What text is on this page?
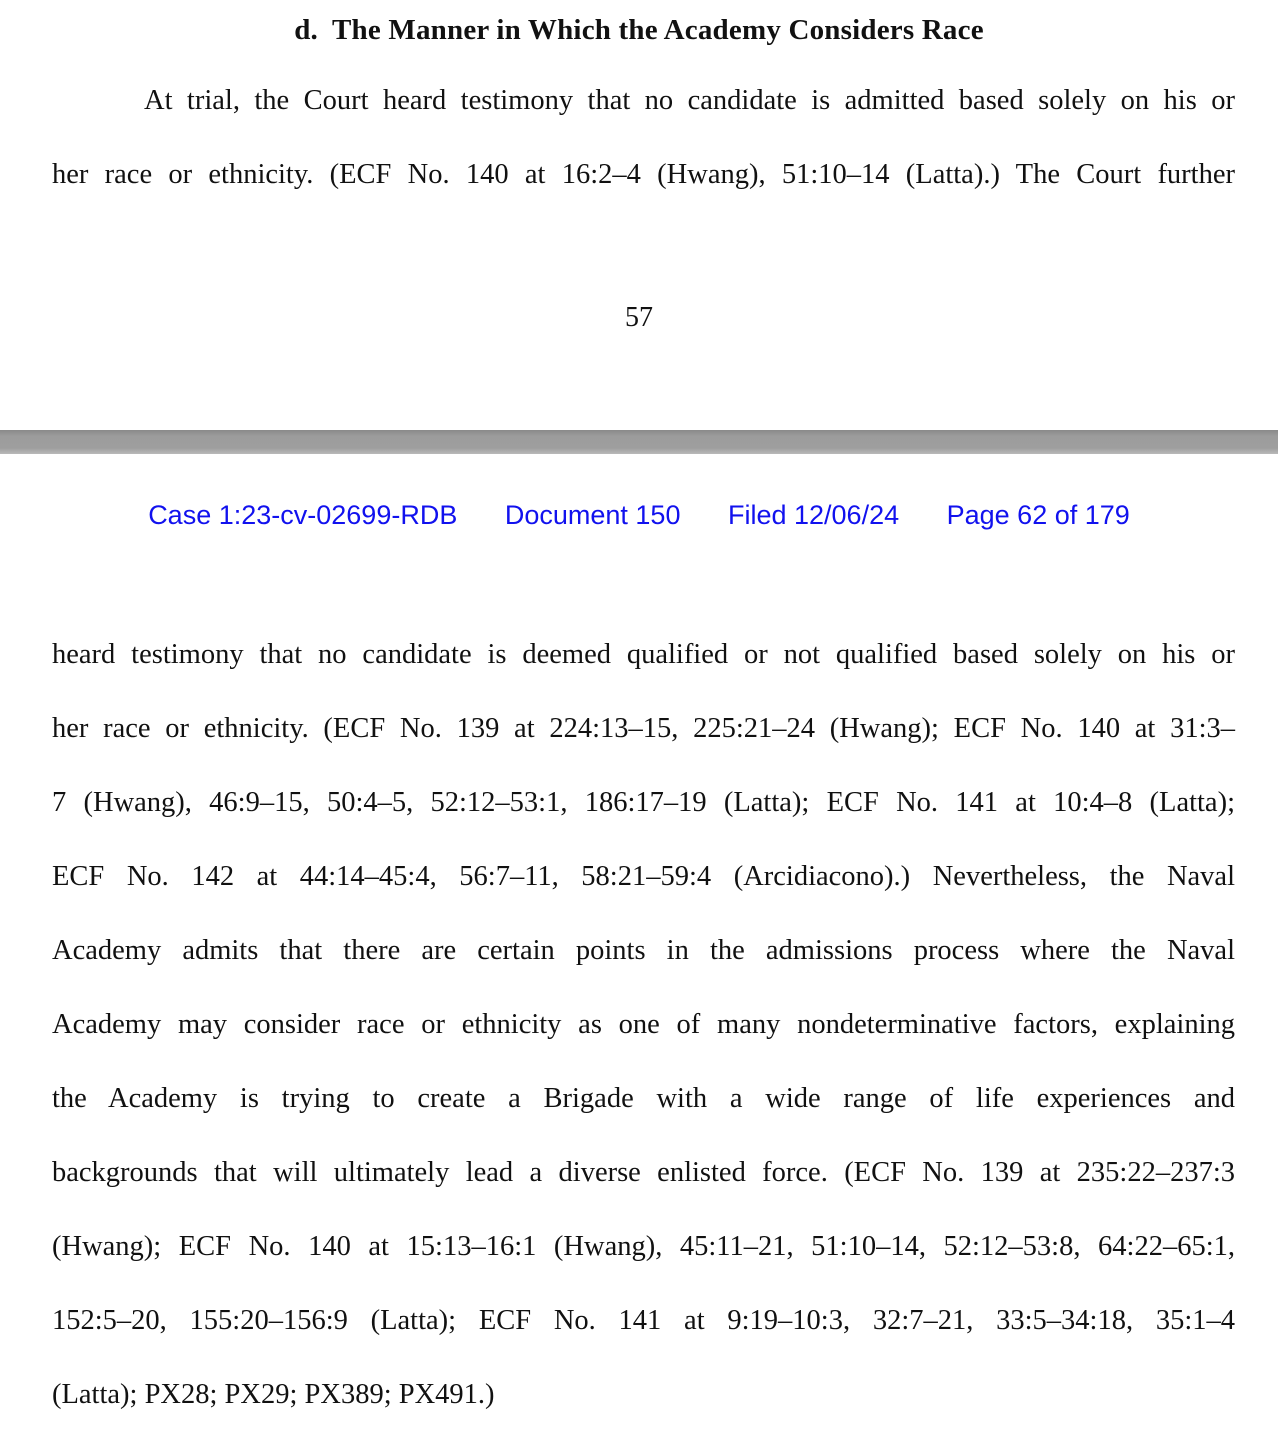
d. The Manner in Which the Academy Considers Race
At trial, the Court heard testimony that no candidate is admitted based solely on his or
her race or ethnicity. (ECF No. 140 at 16:2–4 (Hwang), 51:10–14 (Latta).) The Court further
57
Case 1:23-cv-02699-RDB Document 150 Filed 12/06/24 Page 62 of 179
heard testimony that no candidate is deemed qualified or not qualified based solely on his or
her race or ethnicity. (ECF No. 139 at 224:13–15, 225:21–24 (Hwang); ECF No. 140 at 31:3–
7 (Hwang), 46:9–15, 50:4–5, 52:12–53:1, 186:17–19 (Latta); ECF No. 141 at 10:4–8 (Latta);
ECF No. 142 at 44:14–45:4, 56:7–11, 58:21–59:4 (Arcidiacono).) Nevertheless, the Naval
Academy admits that there are certain points in the admissions process where the Naval
Academy may consider race or ethnicity as one of many nondeterminative factors, explaining
the Academy is trying to create a Brigade with a wide range of life experiences and
backgrounds that will ultimately lead a diverse enlisted force. (ECF No. 139 at 235:22–237:3
(Hwang); ECF No. 140 at 15:13–16:1 (Hwang), 45:11–21, 51:10–14, 52:12–53:8, 64:22–65:1,
152:5–20, 155:20–156:9 (Latta); ECF No. 141 at 9:19–10:3, 32:7–21, 33:5–34:18, 35:1–4
(Latta); PX28; PX29; PX389; PX491.)
